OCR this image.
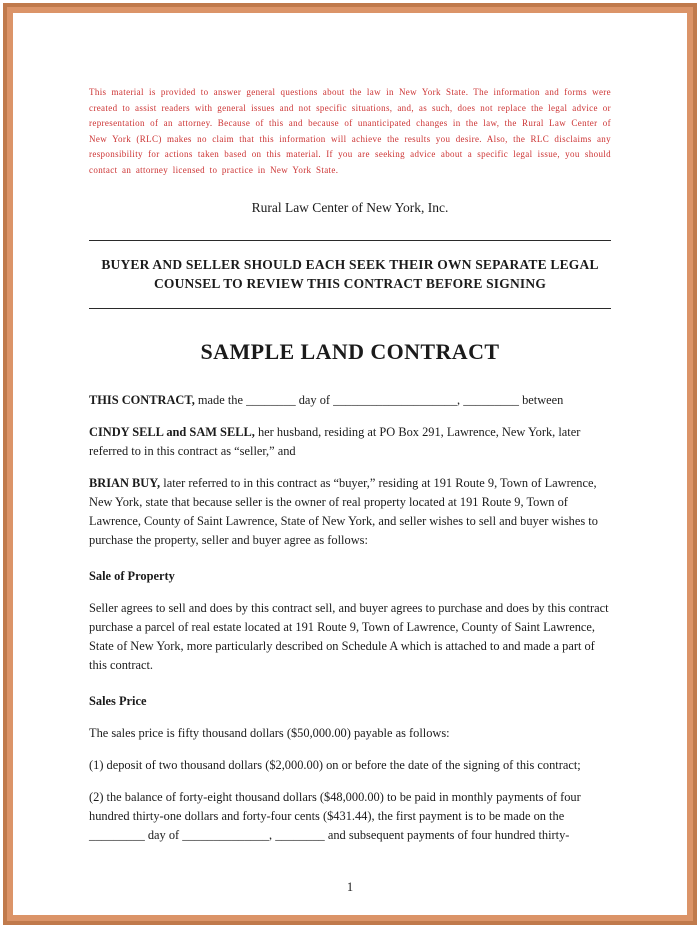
This material is provided to answer general questions about the law in New York State. The information and forms were created to assist readers with general issues and not specific situations, and, as such, does not replace the legal advice or representation of an attorney. Because of this and because of unanticipated changes in the law, the Rural Law Center of New York (RLC) makes no claim that this information will achieve the results you desire. Also, the RLC disclaims any responsibility for actions taken based on this material. If you are seeking advice about a specific legal issue, you should contact an attorney licensed to practice in New York State.

Rural Law Center of New York, Inc.

BUYER AND SELLER SHOULD EACH SEEK THEIR OWN SEPARATE LEGAL COUNSEL TO REVIEW THIS CONTRACT BEFORE SIGNING

SAMPLE LAND CONTRACT

THIS CONTRACT, made the ________ day of ____________________, _________ between

CINDY SELL and SAM SELL, her husband, residing at PO Box 291, Lawrence, New York, later referred to in this contract as “seller,” and

BRIAN BUY, later referred to in this contract as “buyer,” residing at 191 Route 9, Town of Lawrence, New York, state that because seller is the owner of real property located at 191 Route 9, Town of Lawrence, County of Saint Lawrence, State of New York, and seller wishes to sell and buyer wishes to purchase the property, seller and buyer agree as follows:

Sale of Property

Seller agrees to sell and does by this contract sell, and buyer agrees to purchase and does by this contract purchase a parcel of real estate located at 191 Route 9, Town of Lawrence, County of Saint Lawrence, State of New York, more particularly described on Schedule A which is attached to and made a part of this contract.

Sales Price

The sales price is fifty thousand dollars ($50,000.00) payable as follows:

(1) deposit of two thousand dollars ($2,000.00) on or before the date of the signing of this contract;

(2) the balance of forty-eight thousand dollars ($48,000.00) to be paid in monthly payments of four hundred thirty-one dollars and forty-four cents ($431.44), the first payment is to be made on the _________ day of ______________, ________ and subsequent payments of four hundred thirty-

1
